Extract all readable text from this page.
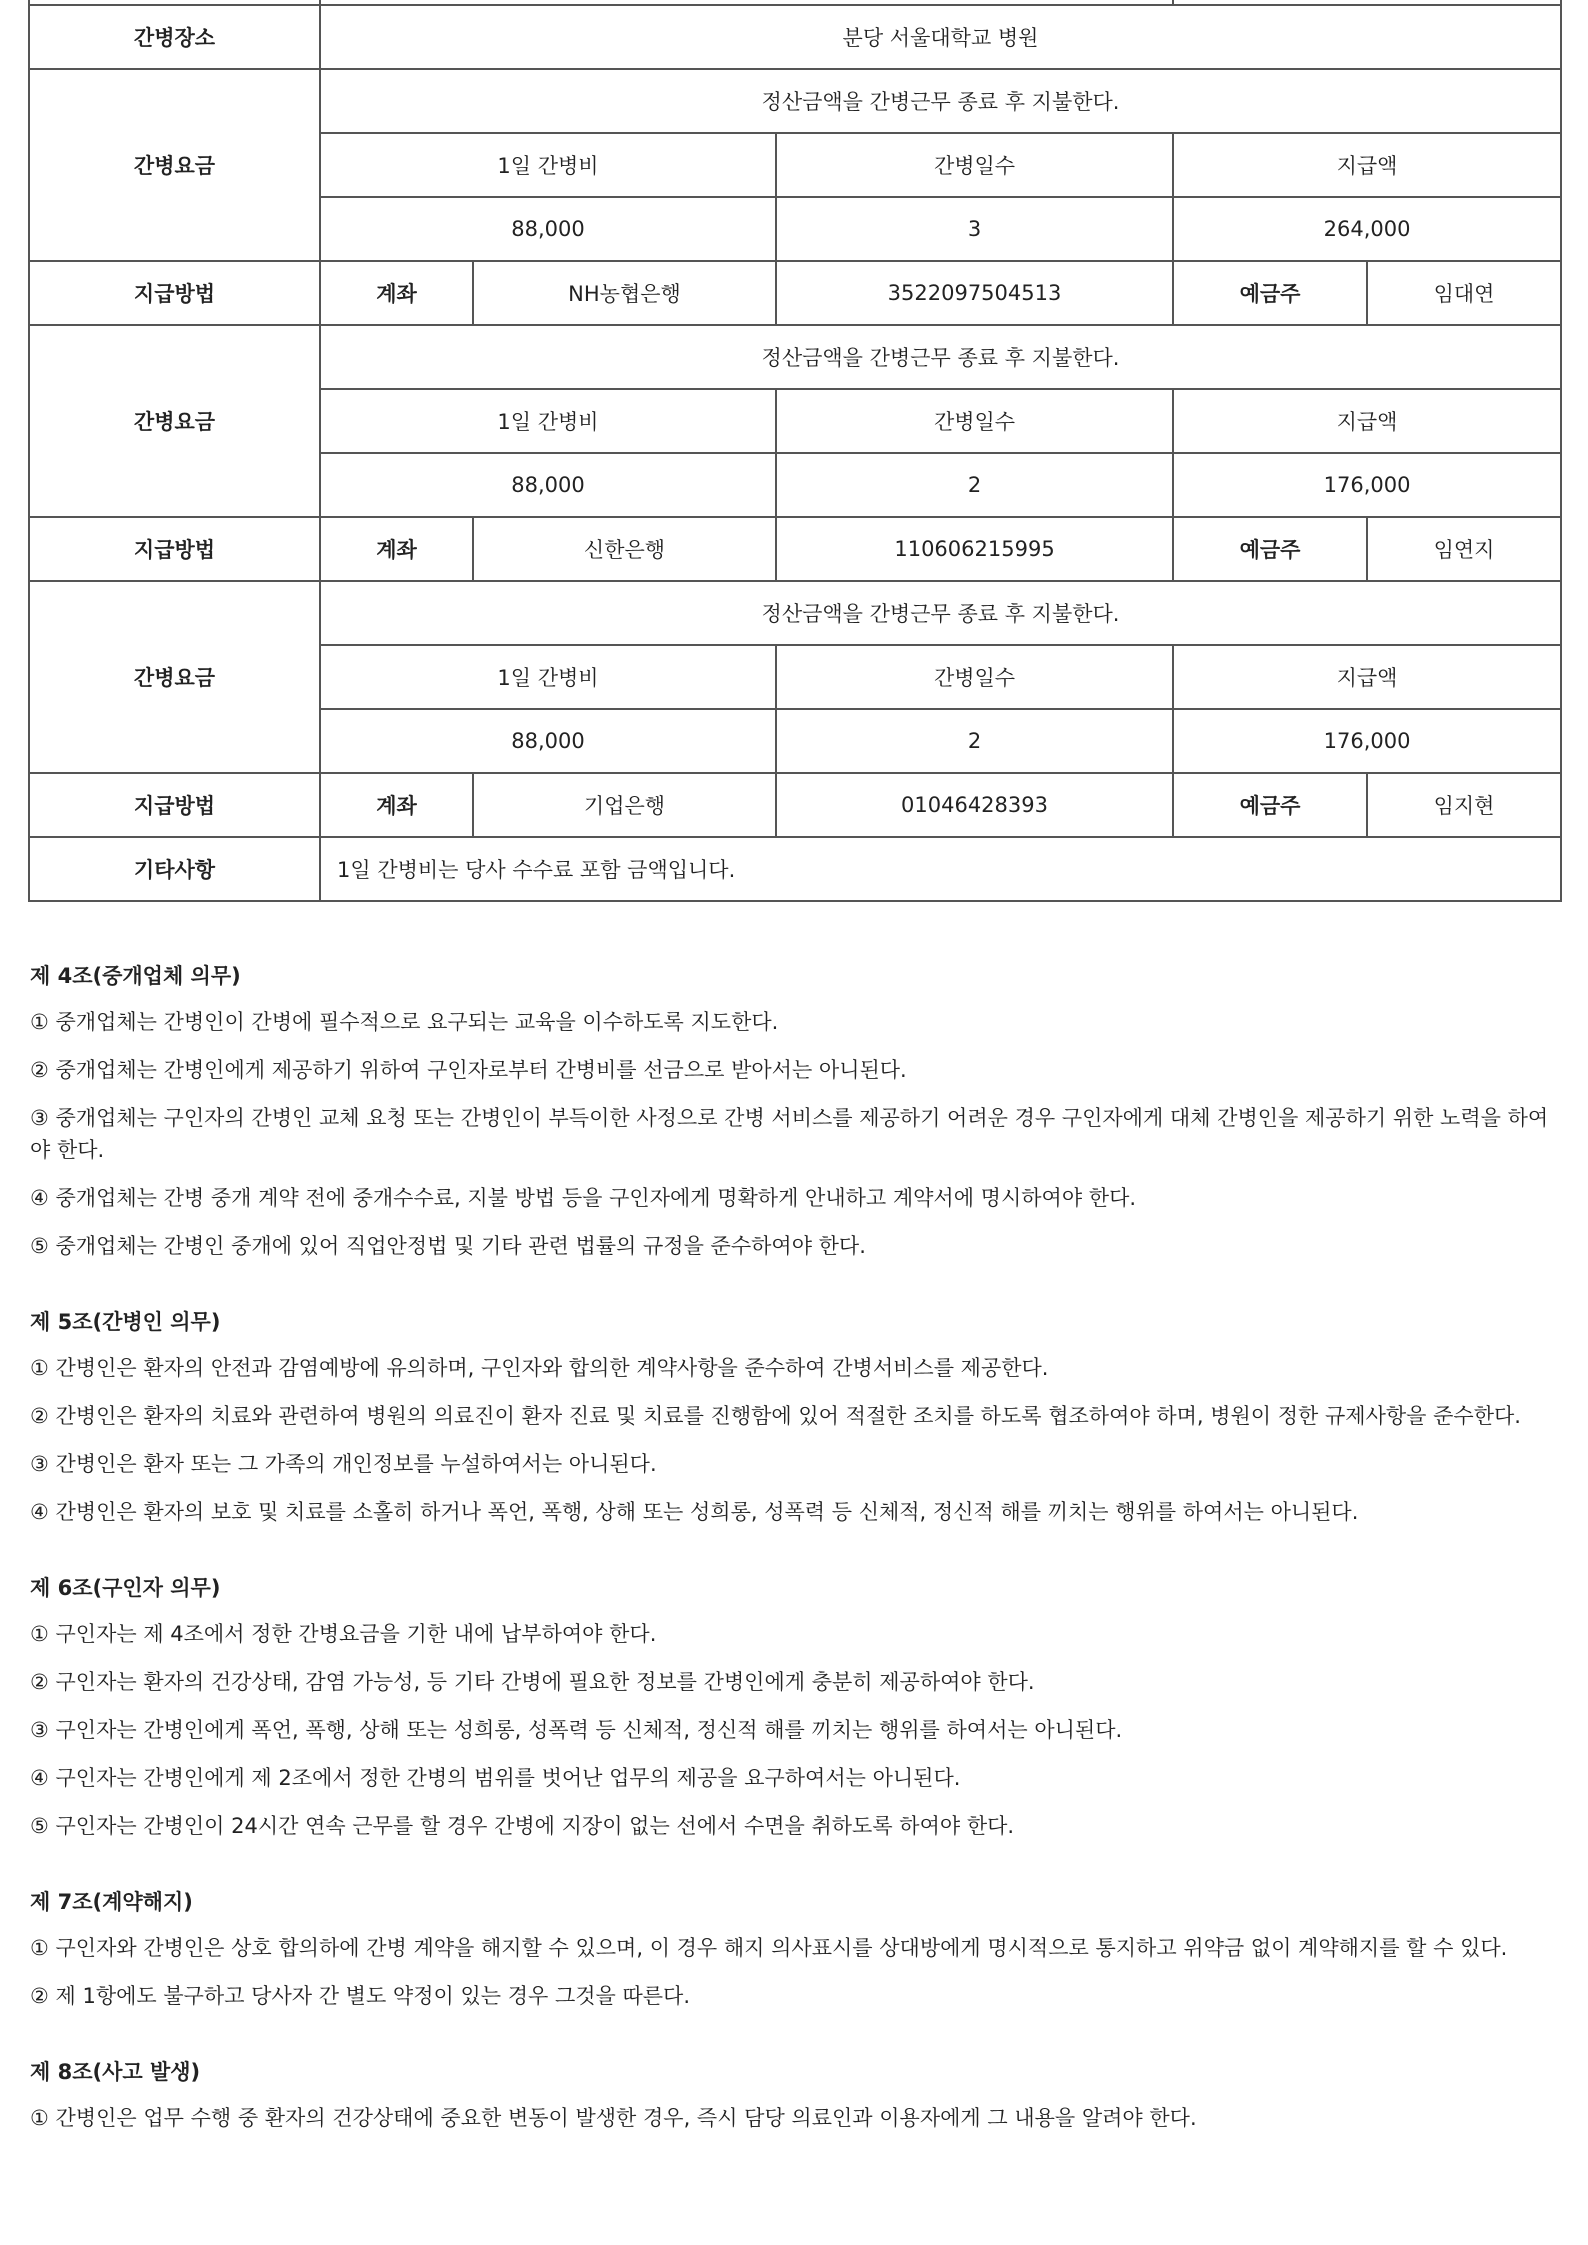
간병장소	분당 서울대학교 병원				
간병요금	정산금액을 간병근무 종료 후 지불한다.				
	1일 간병비		간병일수	지급액	
	88,000		3	264,000	
지급방법	계좌	NH농협은행	3522097504513	예금주	임대연
간병요금	정산금액을 간병근무 종료 후 지불한다.				
	1일 간병비		간병일수	지급액	
	88,000		2	176,000	
지급방법	계좌	신한은행	110606215995	예금주	임연지
간병요금	정산금액을 간병근무 종료 후 지불한다.				
	1일 간병비		간병일수	지급액	
	88,000		2	176,000	
지급방법	계좌	기업은행	01046428393	예금주	임지현
기타사항	1일 간병비는 당사 수수료 포함 금액입니다.				
제 4조(중개업체 의무)

① 중개업체는 간병인이 간병에 필수적으로 요구되는 교육을 이수하도록 지도한다.

② 중개업체는 간병인에게 제공하기 위하여 구인자로부터 간병비를 선금으로 받아서는 아니된다.

③ 중개업체는 구인자의 간병인 교체 요청 또는 간병인이 부득이한 사정으로 간병 서비스를 제공하기 어려운 경우 구인자에게 대체 간병인을 제공하기 위한 노력을 하여야 한다.

④ 중개업체는 간병 중개 계약 전에 중개수수료, 지불 방법 등을 구인자에게 명확하게 안내하고 계약서에 명시하여야 한다.

⑤ 중개업체는 간병인 중개에 있어 직업안정법 및 기타 관련 법률의 규정을 준수하여야 한다.

제 5조(간병인 의무)

① 간병인은 환자의 안전과 감염예방에 유의하며, 구인자와 합의한 계약사항을 준수하여 간병서비스를 제공한다.

② 간병인은 환자의 치료와 관련하여 병원의 의료진이 환자 진료 및 치료를 진행함에 있어 적절한 조치를 하도록 협조하여야 하며, 병원이 정한 규제사항을 준수한다.

③ 간병인은 환자 또는 그 가족의 개인정보를 누설하여서는 아니된다.

④ 간병인은 환자의 보호 및 치료를 소홀히 하거나 폭언, 폭행, 상해 또는 성희롱, 성폭력 등 신체적, 정신적 해를 끼치는 행위를 하여서는 아니된다.

제 6조(구인자 의무)

① 구인자는 제 4조에서 정한 간병요금을 기한 내에 납부하여야 한다.

② 구인자는 환자의 건강상태, 감염 가능성, 등 기타 간병에 필요한 정보를 간병인에게 충분히 제공하여야 한다.

③ 구인자는 간병인에게 폭언, 폭행, 상해 또는 성희롱, 성폭력 등 신체적, 정신적 해를 끼치는 행위를 하여서는 아니된다.

④ 구인자는 간병인에게 제 2조에서 정한 간병의 범위를 벗어난 업무의 제공을 요구하여서는 아니된다.

⑤ 구인자는 간병인이 24시간 연속 근무를 할 경우 간병에 지장이 없는 선에서 수면을 취하도록 하여야 한다.

제 7조(계약해지)

① 구인자와 간병인은 상호 합의하에 간병 계약을 해지할 수 있으며, 이 경우 해지 의사표시를 상대방에게 명시적으로 통지하고 위약금 없이 계약해지를 할 수 있다.

② 제 1항에도 불구하고 당사자 간 별도 약정이 있는 경우 그것을 따른다.

제 8조(사고 발생)

① 간병인은 업무 수행 중 환자의 건강상태에 중요한 변동이 발생한 경우, 즉시 담당 의료인과 이용자에게 그 내용을 알려야 한다.
